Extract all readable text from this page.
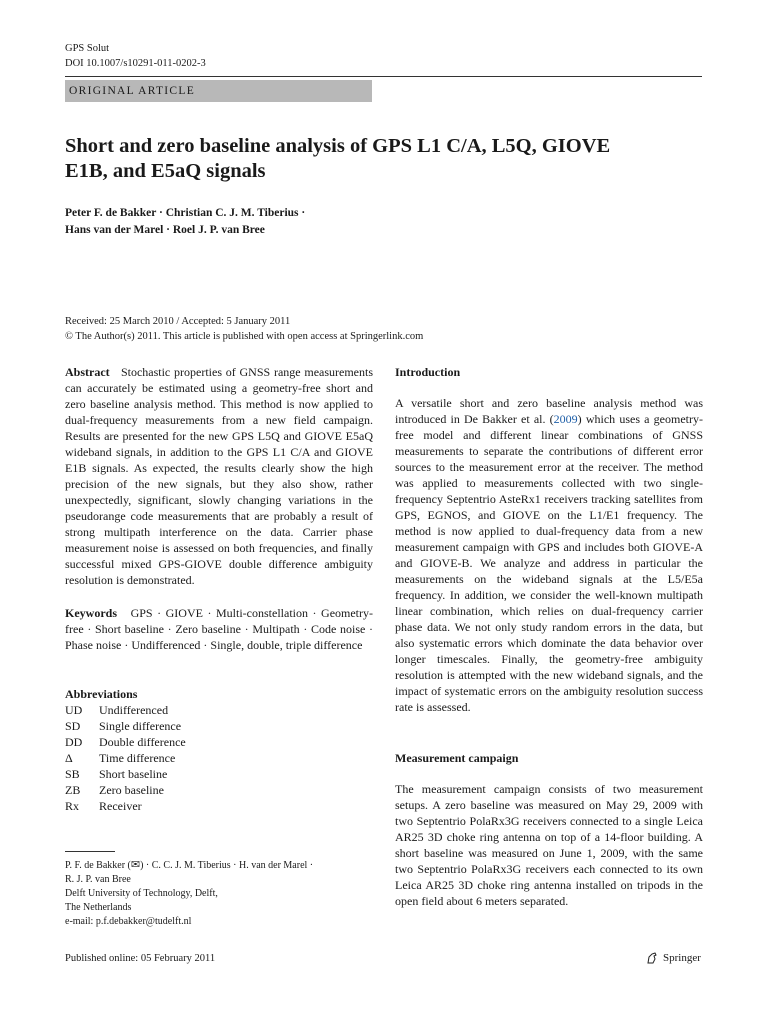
GPS Solut
DOI 10.1007/s10291-011-0202-3
ORIGINAL ARTICLE
Short and zero baseline analysis of GPS L1 C/A, L5Q, GIOVE
E1B, and E5aQ signals
Peter F. de Bakker · Christian C. J. M. Tiberius ·
Hans van der Marel · Roel J. P. van Bree
Received: 25 March 2010 / Accepted: 5 January 2011
© The Author(s) 2011. This article is published with open access at Springerlink.com
Abstract Stochastic properties of GNSS range measurements can accurately be estimated using a geometry-free short and zero baseline analysis method. This method is now applied to dual-frequency measurements from a new field campaign. Results are presented for the new GPS L5Q and GIOVE E5aQ wideband signals, in addition to the GPS L1 C/A and GIOVE E1B signals. As expected, the results clearly show the high precision of the new signals, but they also show, rather unexpectedly, significant, slowly changing variations in the pseudorange code measurements that are probably a result of strong multipath interference on the data. Carrier phase measurement noise is assessed on both frequencies, and finally successful mixed GPS-GIOVE double difference ambiguity resolution is demonstrated.
Keywords GPS · GIOVE · Multi-constellation · Geometry-free · Short baseline · Zero baseline · Multipath · Code noise · Phase noise · Undifferenced · Single, double, triple difference
Abbreviations
UD	Undifferenced
SD	Single difference
DD	Double difference
Δ	Time difference
SB	Short baseline
ZB	Zero baseline
Rx	Receiver
P. F. de Bakker (✉) · C. C. J. M. Tiberius · H. van der Marel ·
R. J. P. van Bree
Delft University of Technology, Delft,
The Netherlands
e-mail: p.f.debakker@tudelft.nl
Introduction
A versatile short and zero baseline analysis method was introduced in De Bakker et al. (2009) which uses a geometry-free model and different linear combinations of GNSS measurements to separate the contributions of different error sources to the measurement error at the receiver. The method was applied to measurements collected with two single-frequency Septentrio AsteRx1 receivers tracking satellites from GPS, EGNOS, and GIOVE on the L1/E1 frequency. The method is now applied to dual-frequency data from a new measurement campaign with GPS and includes both GIOVE-A and GIOVE-B. We analyze and address in particular the measurements on the wideband signals at the L5/E5a frequency. In addition, we consider the well-known multipath linear combination, which relies on dual-frequency carrier phase data. We not only study random errors in the data, but also systematic errors which dominate the data behavior over longer timescales. Finally, the geometry-free ambiguity resolution is attempted with the new wideband signals, and the impact of systematic errors on the ambiguity resolution success rate is assessed.
Measurement campaign
The measurement campaign consists of two measurement setups. A zero baseline was measured on May 29, 2009 with two Septentrio PolaRx3G receivers connected to a single Leica AR25 3D choke ring antenna on top of a 14-floor building. A short baseline was measured on June 1, 2009, with the same two Septentrio PolaRx3G receivers each connected to its own Leica AR25 3D choke ring antenna installed on tripods in the open field about 6 meters separated.
Published online: 05 February 2011	Springer
